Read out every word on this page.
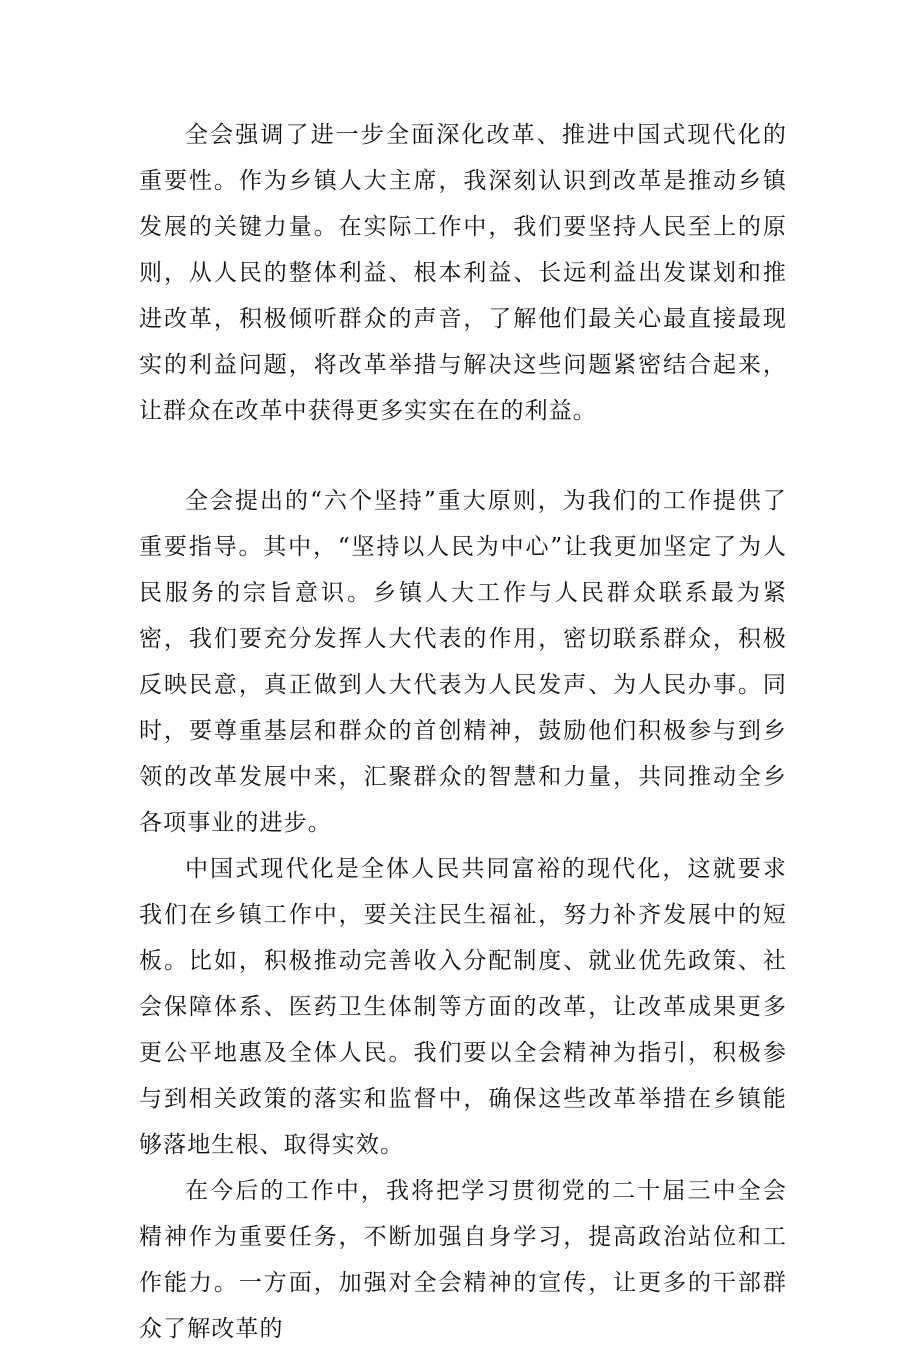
全会强调了进一步全面深化改革、推进中国式现代化的重要性。作为乡镇人大主席，我深刻认识到改革是推动乡镇发展的关键力量。在实际工作中，我们要坚持人民至上的原则，从人民的整体利益、根本利益、长远利益出发谋划和推进改革，积极倾听群众的声音，了解他们最关心最直接最现实的利益问题，将改革举措与解决这些问题紧密结合起来，让群众在改革中获得更多实实在在的利益。

全会提出的“六个坚持”重大原则，为我们的工作提供了重要指导。其中，“坚持以人民为中心”让我更加坚定了为人民服务的宗旨意识。乡镇人大工作与人民群众联系最为紧密，我们要充分发挥人大代表的作用，密切联系群众，积极反映民意，真正做到人大代表为人民发声、为人民办事。同时，要尊重基层和群众的首创精神，鼓励他们积极参与到乡领的改革发展中来，汇聚群众的智慧和力量，共同推动全乡各项事业的进步。

中国式现代化是全体人民共同富裕的现代化，这就要求我们在乡镇工作中，要关注民生福祉，努力补齐发展中的短板。比如，积极推动完善收入分配制度、就业优先政策、社会保障体系、医药卫生体制等方面的改革，让改革成果更多更公平地惠及全体人民。我们要以全会精神为指引，积极参与到相关政策的落实和监督中，确保这些改革举措在乡镇能够落地生根、取得实效。

在今后的工作中，我将把学习贯彻党的二十届三中全会精神作为重要任务，不断加强自身学习，提高政治站位和工作能力。一方面，加强对全会精神的宣传，让更多的干部群众了解改革的
